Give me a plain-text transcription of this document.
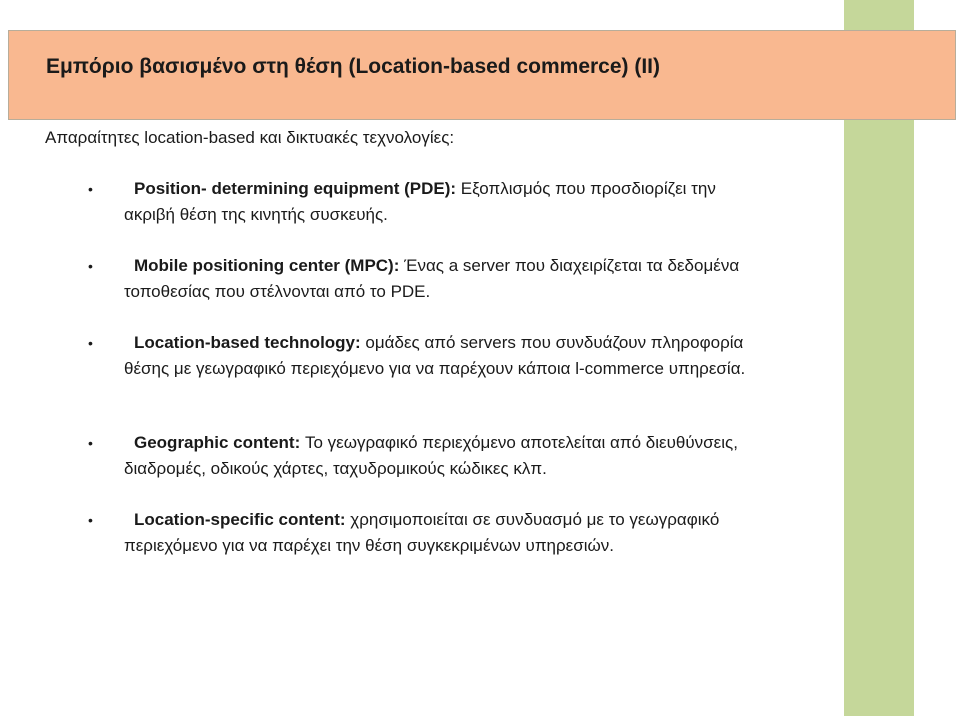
Εμπόριο βασισμένο στη θέση (Location-based commerce) (II)
Απαραίτητες location-based και δικτυακές τεχνολογίες:
• Position- determining equipment (PDE): Εξοπλισμός που προσδιορίζει την ακριβή θέση της κινητής συσκευής.
• Mobile positioning center (MPC): Ένας a server που διαχειρίζεται τα δεδομένα τοποθεσίας που στέλνονται από το PDE.
• Location-based technology: ομάδες από servers που συνδυάζουν πληροφορία θέσης με γεωγραφικό περιεχόμενο για να παρέχουν κάποια l-commerce υπηρεσία.
• Geographic content: Το γεωγραφικό περιεχόμενο αποτελείται από διευθύνσεις, διαδρομές, οδικούς χάρτες, ταχυδρομικούς κώδικες κλπ.
• Location-specific content: χρησιμοποιείται σε συνδυασμό με το γεωγραφικό περιεχόμενο για να παρέχει την θέση συγκεκριμένων υπηρεσιών.
